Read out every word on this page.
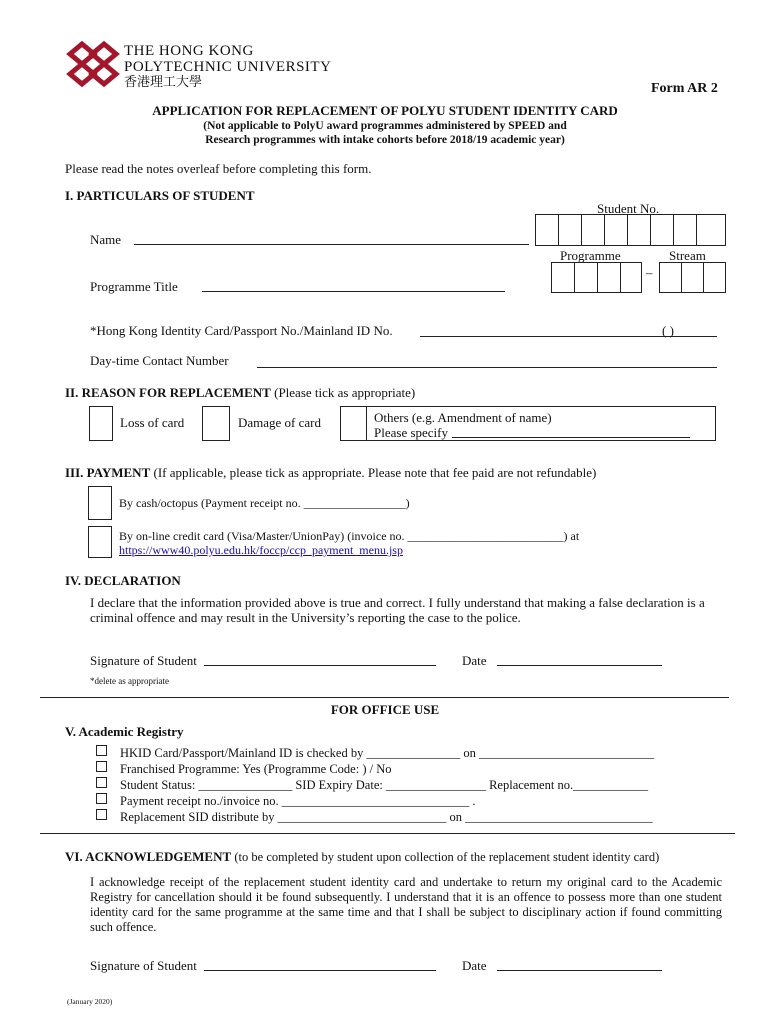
THE HONG KONG
POLYTECHNIC UNIVERSITY
香港理工大學	Form AR 2
APPLICATION FOR REPLACEMENT OF POLYU STUDENT IDENTITY CARD
(Not applicable to PolyU award programmes administered by SPEED and
Research programmes with intake cohorts before 2018/19 academic year)
Please read the notes overleaf before completing this form.
I. PARTICULARS OF STUDENT
Student No.
Name
Programme	Stream
–
Programme Title
*Hong Kong Identity Card/Passport No./Mainland ID No.	( )
Day-time Contact Number
II. REASON FOR REPLACEMENT (Please tick as appropriate)
Loss of card	Damage of card	Others (e.g. Amendment of name)
Please specify
III. PAYMENT (If applicable, please tick as appropriate. Please note that fee paid are not refundable)
By cash/octopus (Payment receipt no. _________________)
By on-line credit card (Visa/Master/UnionPay) (invoice no. __________________________) at
https://www40.polyu.edu.hk/foccp/ccp_payment_menu.jsp
IV. DECLARATION

I declare that the information provided above is true and correct. I fully understand that making a false declaration is a criminal offence and may result in the University’s reporting the case to the police.

Signature of Student	Date
*delete as appropriate
FOR OFFICE USE
V. Academic Registry
HKID Card/Passport/Mainland ID is checked by _______________ on ____________________________
Franchised Programme: Yes (Programme Code: ) / No
Student Status: _______________ SID Expiry Date: ________________ Replacement no.____________
Payment receipt no./invoice no. ______________________________ .
Replacement SID distribute by ___________________________ on ______________________________
VI. ACKNOWLEDGEMENT (to be completed by student upon collection of the replacement student identity card)

I acknowledge receipt of the replacement student identity card and undertake to return my original card to the Academic Registry for cancellation should it be found subsequently. I understand that it is an offence to possess more than one student identity card for the same programme at the same time and that I shall be subject to disciplinary action if found committing such offence.

Signature of Student	Date
(January 2020)
